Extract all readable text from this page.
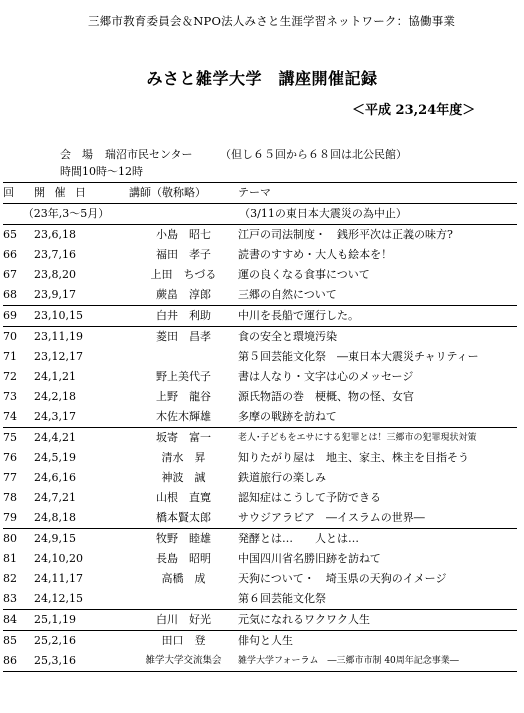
三郷市教育委員会＆NPO法人みさと生涯学習ネットワーク：協働事業
みさと雑学大学　講座開催記録
＜平成 23,24年度＞
会 場 瑞沼市民センター （但し６５回から６８回は北公民館）
時間10時～12時
回	開 催 日	講師（敬称略）	テーマ
（23年,3～5月）		（3/11の東日本大震災の為中止）	
65	23,6,18	小島　昭七	江戸の司法制度・　銭形平次は正義の味方?
66	23,7,16	福田　孝子	読書のすすめ・大人も絵本を！
67	23,8,20	上田　ちづる	運の良くなる食事について
68	23,9,17	蕨畠　淳郎	三郷の自然について
69	23,10,15	白井　利助	中川を長船で運行した。
70	23,11,19	菱田　昌孝	食の安全と環境汚染
71	23,12,17		第５回芸能文化祭　―東日本大震災チャリティー
72	24,1,21	野上美代子	書は人なり・文字は心のメッセージ
73	24,2,18	上野　龍谷	源氏物語の巻　梗概、物の怪、女官
74	24,3,17	木佐木輝雄	多摩の戦跡を訪ねて
75	24,4,21	坂寄　富一	老人･子どもをエサにする犯罪とは！三郷市の犯罪現状対策
76	24,5,19	清水　昇	知りたがり屋は　地主、家主、株主を目指そう
77	24,6,16	神波　誠	鉄道旅行の楽しみ
78	24,7,21	山根　直寛	認知症はこうして予防できる
79	24,8,18	橋本賢太郎	サウジアラビア　―イスラムの世界―
80	24,9,15	牧野　睦雄	発酵とは…　　人とは…
81	24,10,20	長島　昭明	中国四川省名勝旧跡を訪ねて
82	24,11,17	高橋　成	天狗について・　埼玉県の天狗のイメージ
83	24,12,15		第６回芸能文化祭
84	25,1,19	白川　好光	元気になれるワクワク人生
85	25,2,16	田口　登	俳句と人生
86	25,3,16	雑学大学交流集会	雑学大学フォーラム　―三郷市市制 40周年記念事業―
